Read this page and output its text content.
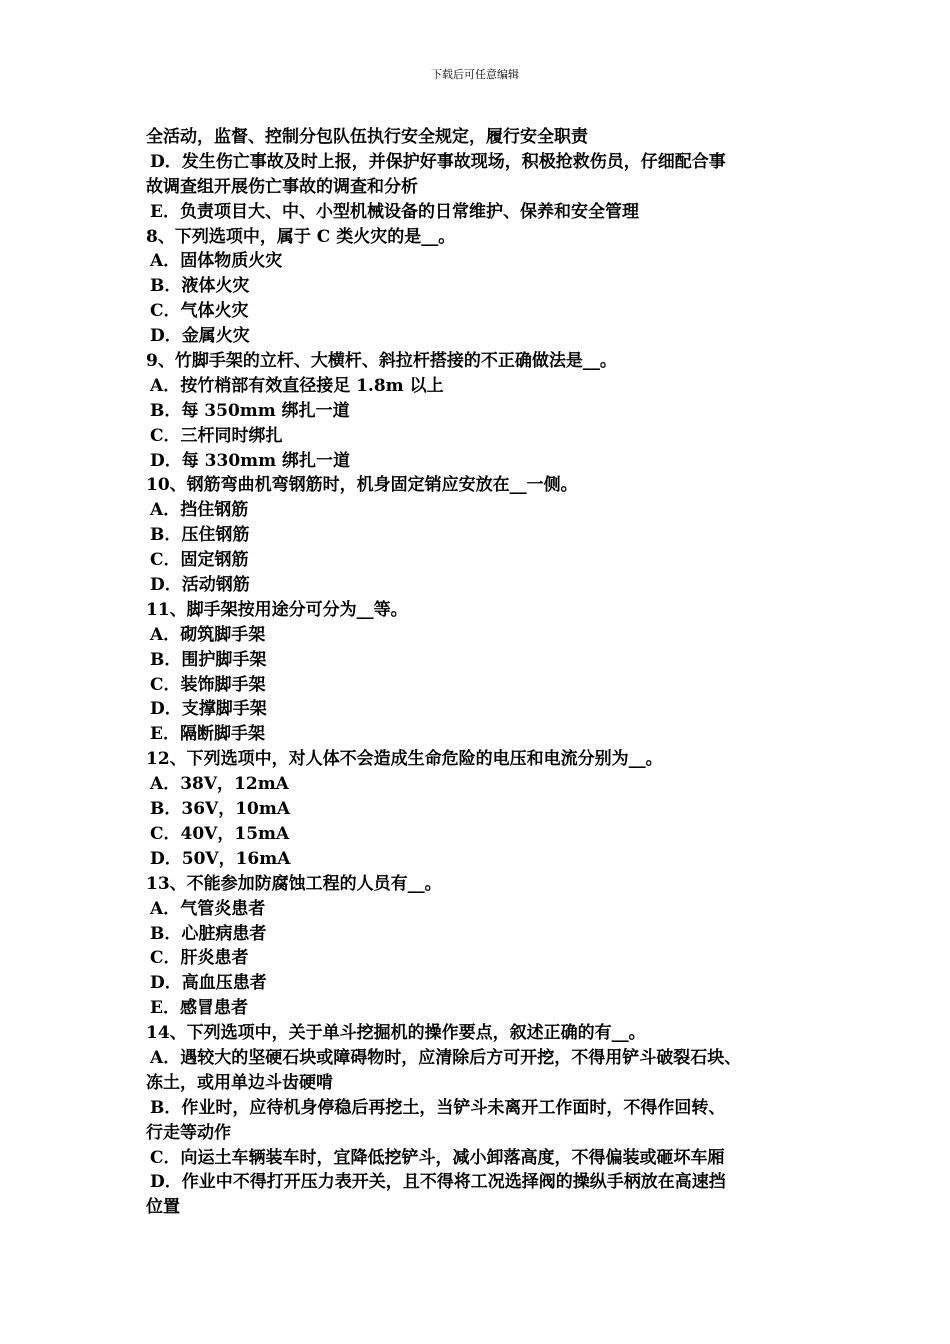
下载后可任意编辑
全活动，监督、控制分包队伍执行安全规定，履行安全职责
D．发生伤亡事故及时上报，并保护好事故现场，积极抢救伤员，仔细配合事
故调查组开展伤亡事故的调查和分析
E．负责项目大、中、小型机械设备的日常维护、保养和安全管理
8、下列选项中，属于 C 类火灾的是__。
A．固体物质火灾
B．液体火灾
C．气体火灾
D．金属火灾
9、竹脚手架的立杆、大横杆、斜拉杆搭接的不正确做法是__。
A．按竹梢部有效直径接足 1.8m 以上
B．每 350mm 绑扎一道
C．三杆同时绑扎
D．每 330mm 绑扎一道
10、钢筋弯曲机弯钢筋时，机身固定销应安放在__一侧。
A．挡住钢筋
B．压住钢筋
C．固定钢筋
D．活动钢筋
11、脚手架按用途分可分为__等。
A．砌筑脚手架
B．围护脚手架
C．装饰脚手架
D．支撑脚手架
E．隔断脚手架
12、下列选项中，对人体不会造成生命危险的电压和电流分别为__。
A．38V，12mA
B．36V，10mA
C．40V，15mA
D．50V，16mA
13、不能参加防腐蚀工程的人员有__。
A．气管炎患者
B．心脏病患者
C．肝炎患者
D．高血压患者
E．感冒患者
14、下列选项中，关于单斗挖掘机的操作要点，叙述正确的有__。
A．遇较大的坚硬石块或障碍物时，应清除后方可开挖，不得用铲斗破裂石块、
冻土，或用单边斗齿硬啃
B．作业时，应待机身停稳后再挖土，当铲斗未离开工作面时，不得作回转、
行走等动作
C．向运土车辆装车时，宜降低挖铲斗，减小卸落高度，不得偏装或砸坏车厢
D．作业中不得打开压力表开关，且不得将工况选择阀的操纵手柄放在高速挡
位置
